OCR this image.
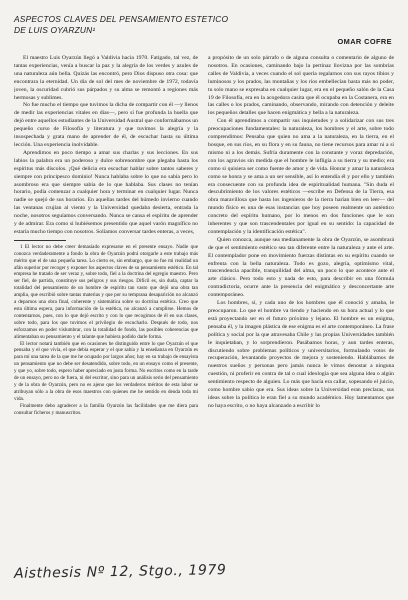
ASPECTOS CLAVES DEL PENSAMIENTO ESTETICO
DE LUIS OYARZUN¹
OMAR COFRE

El maestro Luis Oyarzún llegó a Valdivia hacia 1970. Fatigado, tal vez, de tantas experiencias, venía a buscar la paz y la alegría de los verdes y azules de una naturaleza aún bella. Quizás las encontró, pero Dios dispuso otra cosa: que encontrara la eternidad. Un día de sol del mes de noviembre de 1972, todavía joven, la oscuridad cubrió sus párpados y su alma se remontó a regiones más hermosas y sublimes.

No fue mucho el tiempo que tuvimos la dicha de compartir con él —y llenos de medir las experiencias vitales en días—, pero sí fue profunda la huella que dejó entre aquellos estudiantes de la Universidad Austral que conformábamos un pequeño curso de Filosofía y literatura y que tuvimos la alegría y la insospechada y grata mano de aprender de él, de escuchar hasta su última lección. Una experiencia inolvidable.

Aprendimos en poco tiempo a amar sus charlas y sus lecciones. En sus labios la palabra era un poderoso y dulce sobrenombre que plegaba hasta los espíritus más díscolos. ¡Qué delicia era escuchar hablar sobre tantos saberes y siempre con principesco dominio! Nunca hablaba sobre lo que no sabía pero lo asombroso era que siempre sabía de lo que hablaba. Sus clases no tenían horario, podía comenzar a cualquier hora y terminar en cualquier lugar. Nunca nadie se quejó de sus horarios. En aquellas tardes del húmedo invierno cuando las ventanas crujían al viento y la Universidad quedaba desierta, entrada la noche, nosotros seguíamos conversando. Nunca se cansa el espíritu de aprender y de admirar. Era como si hubiésemos presentido que aquel varón magnífico no estaría mucho tiempo con nosotros. Solíamos conversar tardes enteras, a veces,

1 El lector no debe creer demasiado expresarse en el presente ensayo. Nadie que conozca verdaderamente a fondo la obra de Oyarzún podrá otorgarle a este trabajo más mérito que el de una pequeña tarea. Lo cierto es, sin embargo, que no fue mi realidad un afán superior por recoger y exponer los aspectos claves de su pensamiento estético. En tal empresa he tratado de ser veraz y, sobre todo, fiel a la doctrina del egregio maestro. Pero ser fiel, de partida, constituye sus peligros y sus riesgos. Difícil es, sin duda, captar la totalidad del pensamiento de un hombre de espíritu tan vasto que dejó una obra tan amplia, que escribió sobre tantas materias y que por su temprana desaparición no alcanzó a deparnos una obra final, coherente y sistemática sobre su doctrina estética. Creo que esta última espera, para información de la estética, no alcanzó a cumplirse. Hemos de contentarnos, pues, con lo que dejó escrito y con lo que recogimos de él en sus clases, sobre todo, para los que tuvimos el privilegio de escucharlo. Después de todo, nos esforzamos en poder vislumbrar, con la totalidad de fondo, las posibles coherencias que alimentaban su pensamiento y el talante que hubiera podido darle forma.

El lector notará también que en ocasiones he distinguido entre lo que Oyarzún el que pensaba y el que vivía, el que debía esperar y el que sabía y la enseñanza en Oyarzún es para mí una tarea de la que me he ocupado por largos años; hay en su trabajo de ensayista un pensamiento que no debe ser desatendido, sobre todo, en un ensayo como el presente, y que yo, sobre todo, espero haber apreciado en justa forma. No escritos como en la tarde de un ensayo, pero no de fuera, ni del escritor, sino para un análisis serio del pensamiento y de la obra de Oyarzún, pero no es ajeno que los verdaderos méritos de esta labor se atribuyan sólo a la obra de esos maestros con quienes me he sentido en deuda toda mi vida.

Finalmente debo agradecer a la familia Oyarzún las facilidades que me diera para consultar ficheros y manuscritos.

a propósito de un solo párrafo o de alguna consulta o comentario de alguno de nosotros. En ocasiones, caminando bajo la pertinaz llovizna por las sombrías calles de Valdivia, a veces cuando el sol quería regalarnos con sus rayos tibios y luminosos y los prados, las montañas y los ríos embellecían hasta más no poder, tu solo mano se expresaba en cualquier lugar, era en el pequeño salón de la Casa 19 de Filosofía, era en la acogedora casita que él ocupaba en la Costanera, era en las calles o los prados, caminando, observando, mirando con detención y deleite los pequeños detalles que hacen enigmática y bella a la naturaleza.

Con él aprendimos a compartir sus inquietudes y a solidarizar con sus tres preocupaciones fundamentales: la naturaleza, los hombres y el arte, sobre todo comprendimos: Pensaba que quien no ama a la naturaleza, en la tierra, en el bosque, en sus ríos, en su flora y en su fauna, no tiene recursos para amar ni a sí mismo ni a los demás. Sufría duramente con la constante y voraz depredación, con los agravios sin medida que el hombre le infligía a su tierra y su medio; era como si quisiera ser como fuente de amor y de vida. Honrar y amar la naturaleza como se honra y se ama a un ser sensible, así lo entendía él y por ello y también era consecuente con su profunda idea de espiritualidad humana. "Sin duda el descubrimiento de los valores estéticos —escribe en Defensa de la Tierra, esa obra maravillosa que hasta los ingenieros de la tierra harían bien en leer— del mundo físico es una de esas instancias que hoy poseen realmente un auténtico concreto del espíritu humano, por lo menos en dos funciones que le son inherentes y que son trascendentales por igual en su sentido: la capacidad de contemplación y la identificación estética".

Quien conozca, aunque sea medianamente la obra de Oyarzún, se asombrará de que el sentimiento estético sea tan diferente entre la naturaleza y ante el arte. El contemplador pone en movimiento fuerzas distintas en su espíritu cuando se enfrenta con la bella naturaleza. Todo es gozo, alegría, optimismo vital, trascendencia apacible, tranquilidad del alma, un poco lo que acontece ante el arte clásico. Pero todo esto y nada de esto, para describir en una fórmula contradictoria, ocurre ante la presencia del enigmático y desconcertante arte contemporáneo.

Los hombres, sí, y cada uno de los hombres que él conoció y amaba, le preocuparon. Lo que el hombre va tiendo y haciendo en su hora actual y lo que está proyectando ser en el futuro próximo y lejano. El hombre es un enigma, pensaba él, y la imagen plástica de ese enigma es el arte contemporáneo. La frase política y social por la que atravesaba Chile y las propias Universidades también le inquietaban, y lo sorprendieron. Pasábamos horas, y aun tardes enteras, discutiendo sobre problemas políticos y universitarios, formulando votos de recuperación, levantando proyectos de mejora y sosteniendo. Hablábamos de nuestros sueños y personas pero jamás nunca le vimos denostar a ninguna cuestión, ni proferir en contra de tal o cual ideología que sea alguna idea o algún sentimiento respecto de alguien. Lo más que hacía era callar, sopesando el juicio, como hombre sabio que era. Sus ideas sobre la Universidad eran preclaras, sus ideas sobre la política le eran fiel a su mundo académico. Hoy lamentamos que no haya escrito, o no haya alcanzado a escribir lo

Aisthesis Nº 12, Stgo., 1979
